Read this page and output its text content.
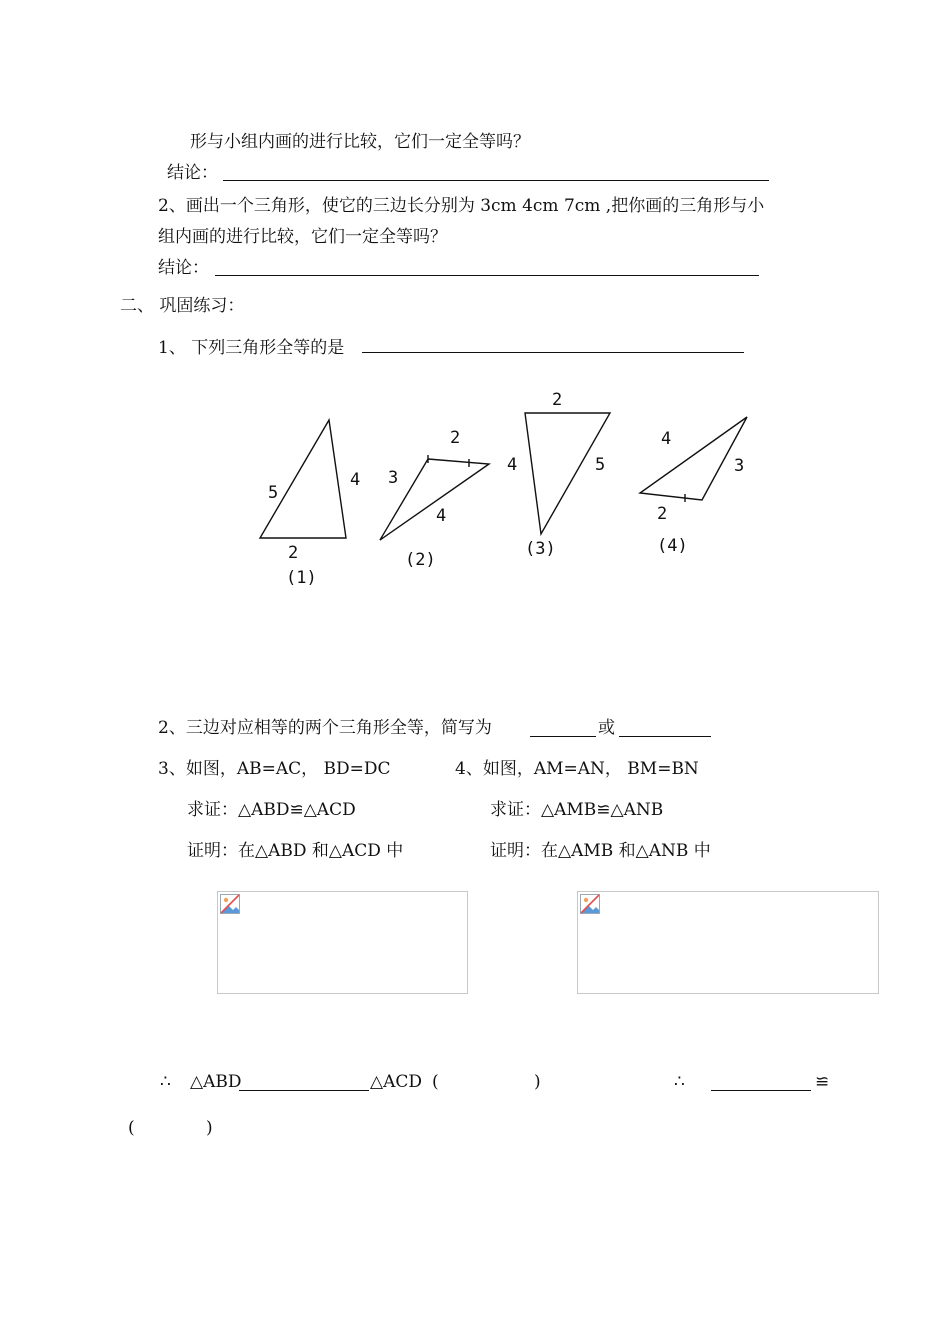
形与小组内画的进行比较，它们一定全等吗？
结论：
2、画出一个三角形，使它的三边长分别为 3cm 4cm 7cm ,把你画的三角形与小
组内画的进行比较，它们一定全等吗？
结论：
二、 巩固练习：
1、 下列三角形全等的是
5
4
2
(1)
3
2
4
(2)
2
4	5
(3)
4
3
2
(4)
2、三边对应相等的两个三角形全等，简写为	或
3、如图，AB=AC， BD=DC	4、如图，AM=AN， BM=BN
求证：△ABD≌△ACD	求证：△AMB≌△ANB
证明：在△ABD 和△ACD 中	证明：在△AMB 和△ANB 中
∴ △ABD	△ACD (	)	∴	≌
(	)
